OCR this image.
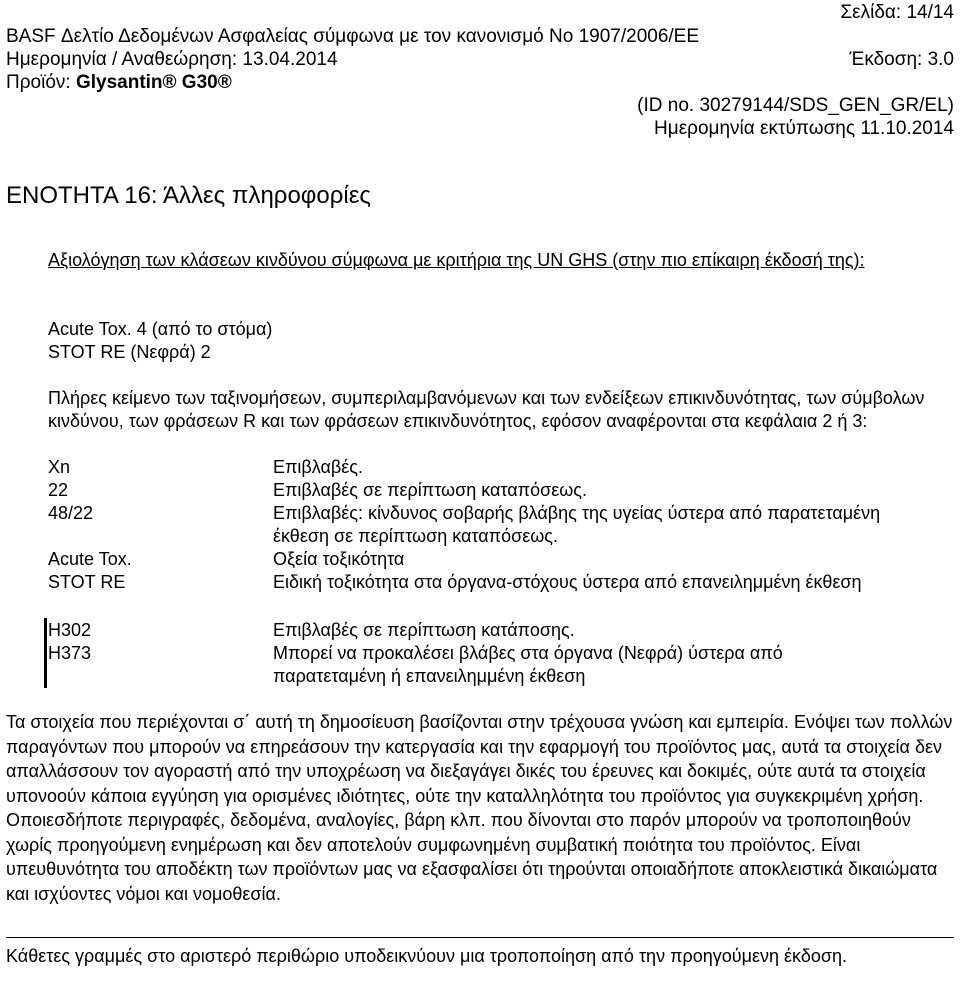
Σελίδα: 14/14
BASF Δελτίο Δεδομένων Ασφαλείας σύμφωνα με τον κανονισμό No 1907/2006/ΕΕ
Ημερομηνία / Αναθεώρηση: 13.04.2014	Έκδοση: 3.0
Προϊόν: Glysantin® G30®
(ID no. 30279144/SDS_GEN_GR/EL)
Ημερομηνία εκτύπωσης 11.10.2014
ΕΝΟΤΗΤΑ 16: Άλλες πληροφορίες
Αξιολόγηση των κλάσεων κινδύνου σύμφωνα με κριτήρια της UN GHS (στην πιο επίκαιρη έκδοσή της):
Acute Tox. 4 (από το στόμα)
STOT RE (Νεφρά) 2
Πλήρες κείμενο των ταξινομήσεων, συμπεριλαμβανόμενων και των ενδείξεων επικινδυνότητας, των σύμβολων κινδύνου, των φράσεων R και των φράσεων επικινδυνότητος, εφόσον αναφέρονται στα κεφάλαια 2 ή 3:
Xn	Επιβλαβές.
22	Επιβλαβές σε περίπτωση καταπόσεως.
48/22	Επιβλαβές: κίνδυνος σοβαρής βλάβης της υγείας ύστερα από παρατεταμένη έκθεση σε περίπτωση καταπόσεως.
Acute Tox.	Οξεία τοξικότητα
STOT RE	Ειδική τοξικότητα στα όργανα-στόχους ύστερα από επανειλημμένη έκθεση
H302	Επιβλαβές σε περίπτωση κατάποσης.
H373	Μπορεί να προκαλέσει βλάβες στα όργανα (Νεφρά) ύστερα από παρατεταμένη ή επανειλημμένη έκθεση
Τα στοιχεία που περιέχονται σ΄ αυτή τη δημοσίευση βασίζονται στην τρέχουσα γνώση και εμπειρία. Ενόψει των πολλών παραγόντων που μπορούν να επηρεάσουν την κατεργασία και την εφαρμογή του προϊόντος μας, αυτά τα στοιχεία δεν απαλλάσσουν τον αγοραστή από την υποχρέωση να διεξαγάγει δικές του έρευνες και δοκιμές, ούτε αυτά τα στοιχεία υπονοούν κάποια εγγύηση για ορισμένες ιδιότητες, ούτε την καταλληλότητα του προϊόντος για συγκεκριμένη χρήση. Οποιεσδήποτε περιγραφές, δεδομένα, αναλογίες, βάρη κλπ. που δίνονται στο παρόν μπορούν να τροποποιηθούν χωρίς προηγούμενη ενημέρωση και δεν αποτελούν συμφωνημένη συμβατική ποιότητα του προϊόντος. Είναι υπευθυνότητα του αποδέκτη των προϊόντων μας να εξασφαλίσει ότι τηρούνται οποιαδήποτε αποκλειστικά δικαιώματα και ισχύοντες νόμοι και νομοθεσία.
Κάθετες γραμμές στο αριστερό περιθώριο υποδεικνύουν μια τροποποίηση από την προηγούμενη έκδοση.
